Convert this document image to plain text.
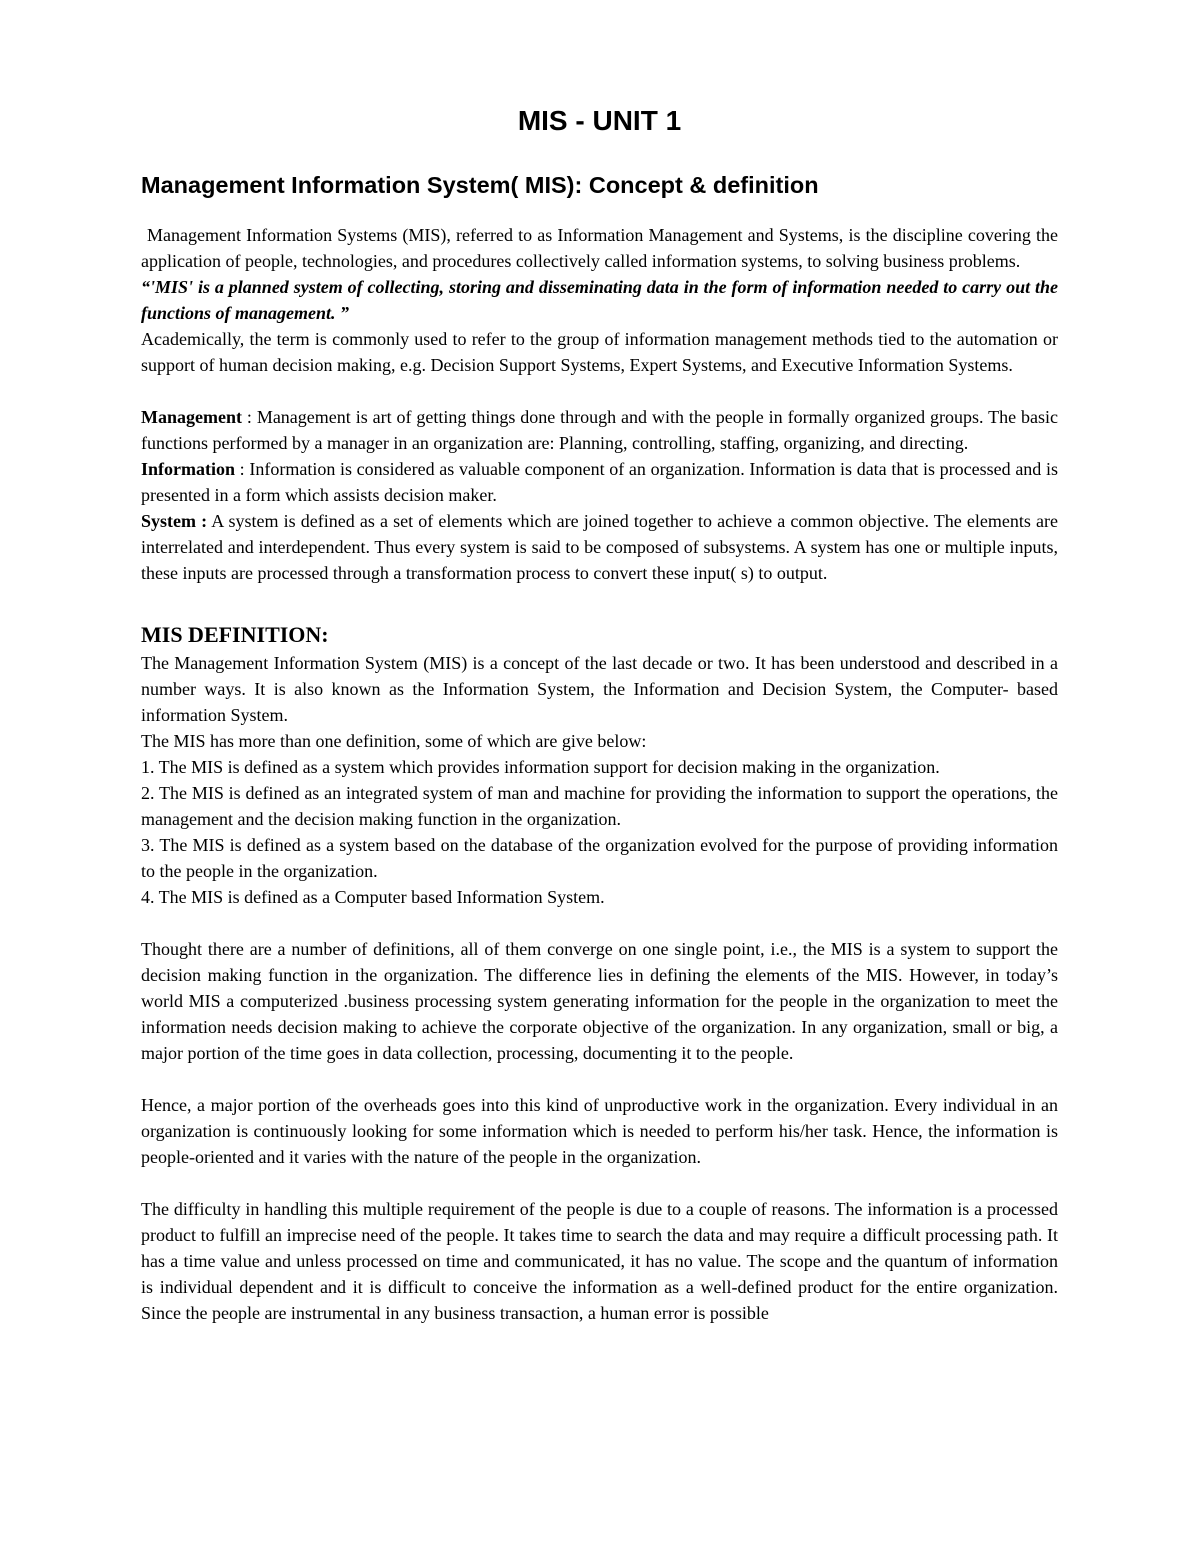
MIS - UNIT 1
Management Information System( MIS): Concept & definition

Management Information Systems (MIS), referred to as Information Management and Systems, is the discipline covering the application of people, technologies, and procedures collectively called information systems, to solving business problems.

“'MIS' is a planned system of collecting, storing and disseminating data in the form of information needed to carry out the functions of management. ”

Academically, the term is commonly used to refer to the group of information management methods tied to the automation or support of human decision making, e.g. Decision Support Systems, Expert Systems, and Executive Information Systems.

Management : Management is art of getting things done through and with the people in formally organized groups. The basic functions performed by a manager in an organization are: Planning, controlling, staffing, organizing, and directing.

Information : Information is considered as valuable component of an organization. Information is data that is processed and is presented in a form which assists decision maker.

System : A system is defined as a set of elements which are joined together to achieve a common objective. The elements are interrelated and interdependent. Thus every system is said to be composed of subsystems. A system has one or multiple inputs, these inputs are processed through a transformation process to convert these input( s) to output.

MIS DEFINITION:

The Management Information System (MIS) is a concept of the last decade or two. It has been understood and described in a number ways. It is also known as the Information System, the Information and Decision System, the Computer- based information System.

The MIS has more than one definition, some of which are give below:

1. The MIS is defined as a system which provides information support for decision making in the organization.

2. The MIS is defined as an integrated system of man and machine for providing the information to support the operations, the management and the decision making function in the organization.

3. The MIS is defined as a system based on the database of the organization evolved for the purpose of providing information to the people in the organization.

4. The MIS is defined as a Computer based Information System.

Thought there are a number of definitions, all of them converge on one single point, i.e., the MIS is a system to support the decision making function in the organization. The difference lies in defining the elements of the MIS. However, in today’s world MIS a computerized .business processing system generating information for the people in the organization to meet the information needs decision making to achieve the corporate objective of the organization. In any organization, small or big, a major portion of the time goes in data collection, processing, documenting it to the people.

Hence, a major portion of the overheads goes into this kind of unproductive work in the organization. Every individual in an organization is continuously looking for some information which is needed to perform his/her task. Hence, the information is people-oriented and it varies with the nature of the people in the organization.

The difficulty in handling this multiple requirement of the people is due to a couple of reasons. The information is a processed product to fulfill an imprecise need of the people. It takes time to search the data and may require a difficult processing path. It has a time value and unless processed on time and communicated, it has no value. The scope and the quantum of information is individual dependent and it is difficult to conceive the information as a well-defined product for the entire organization. Since the people are instrumental in any business transaction, a human error is possible
